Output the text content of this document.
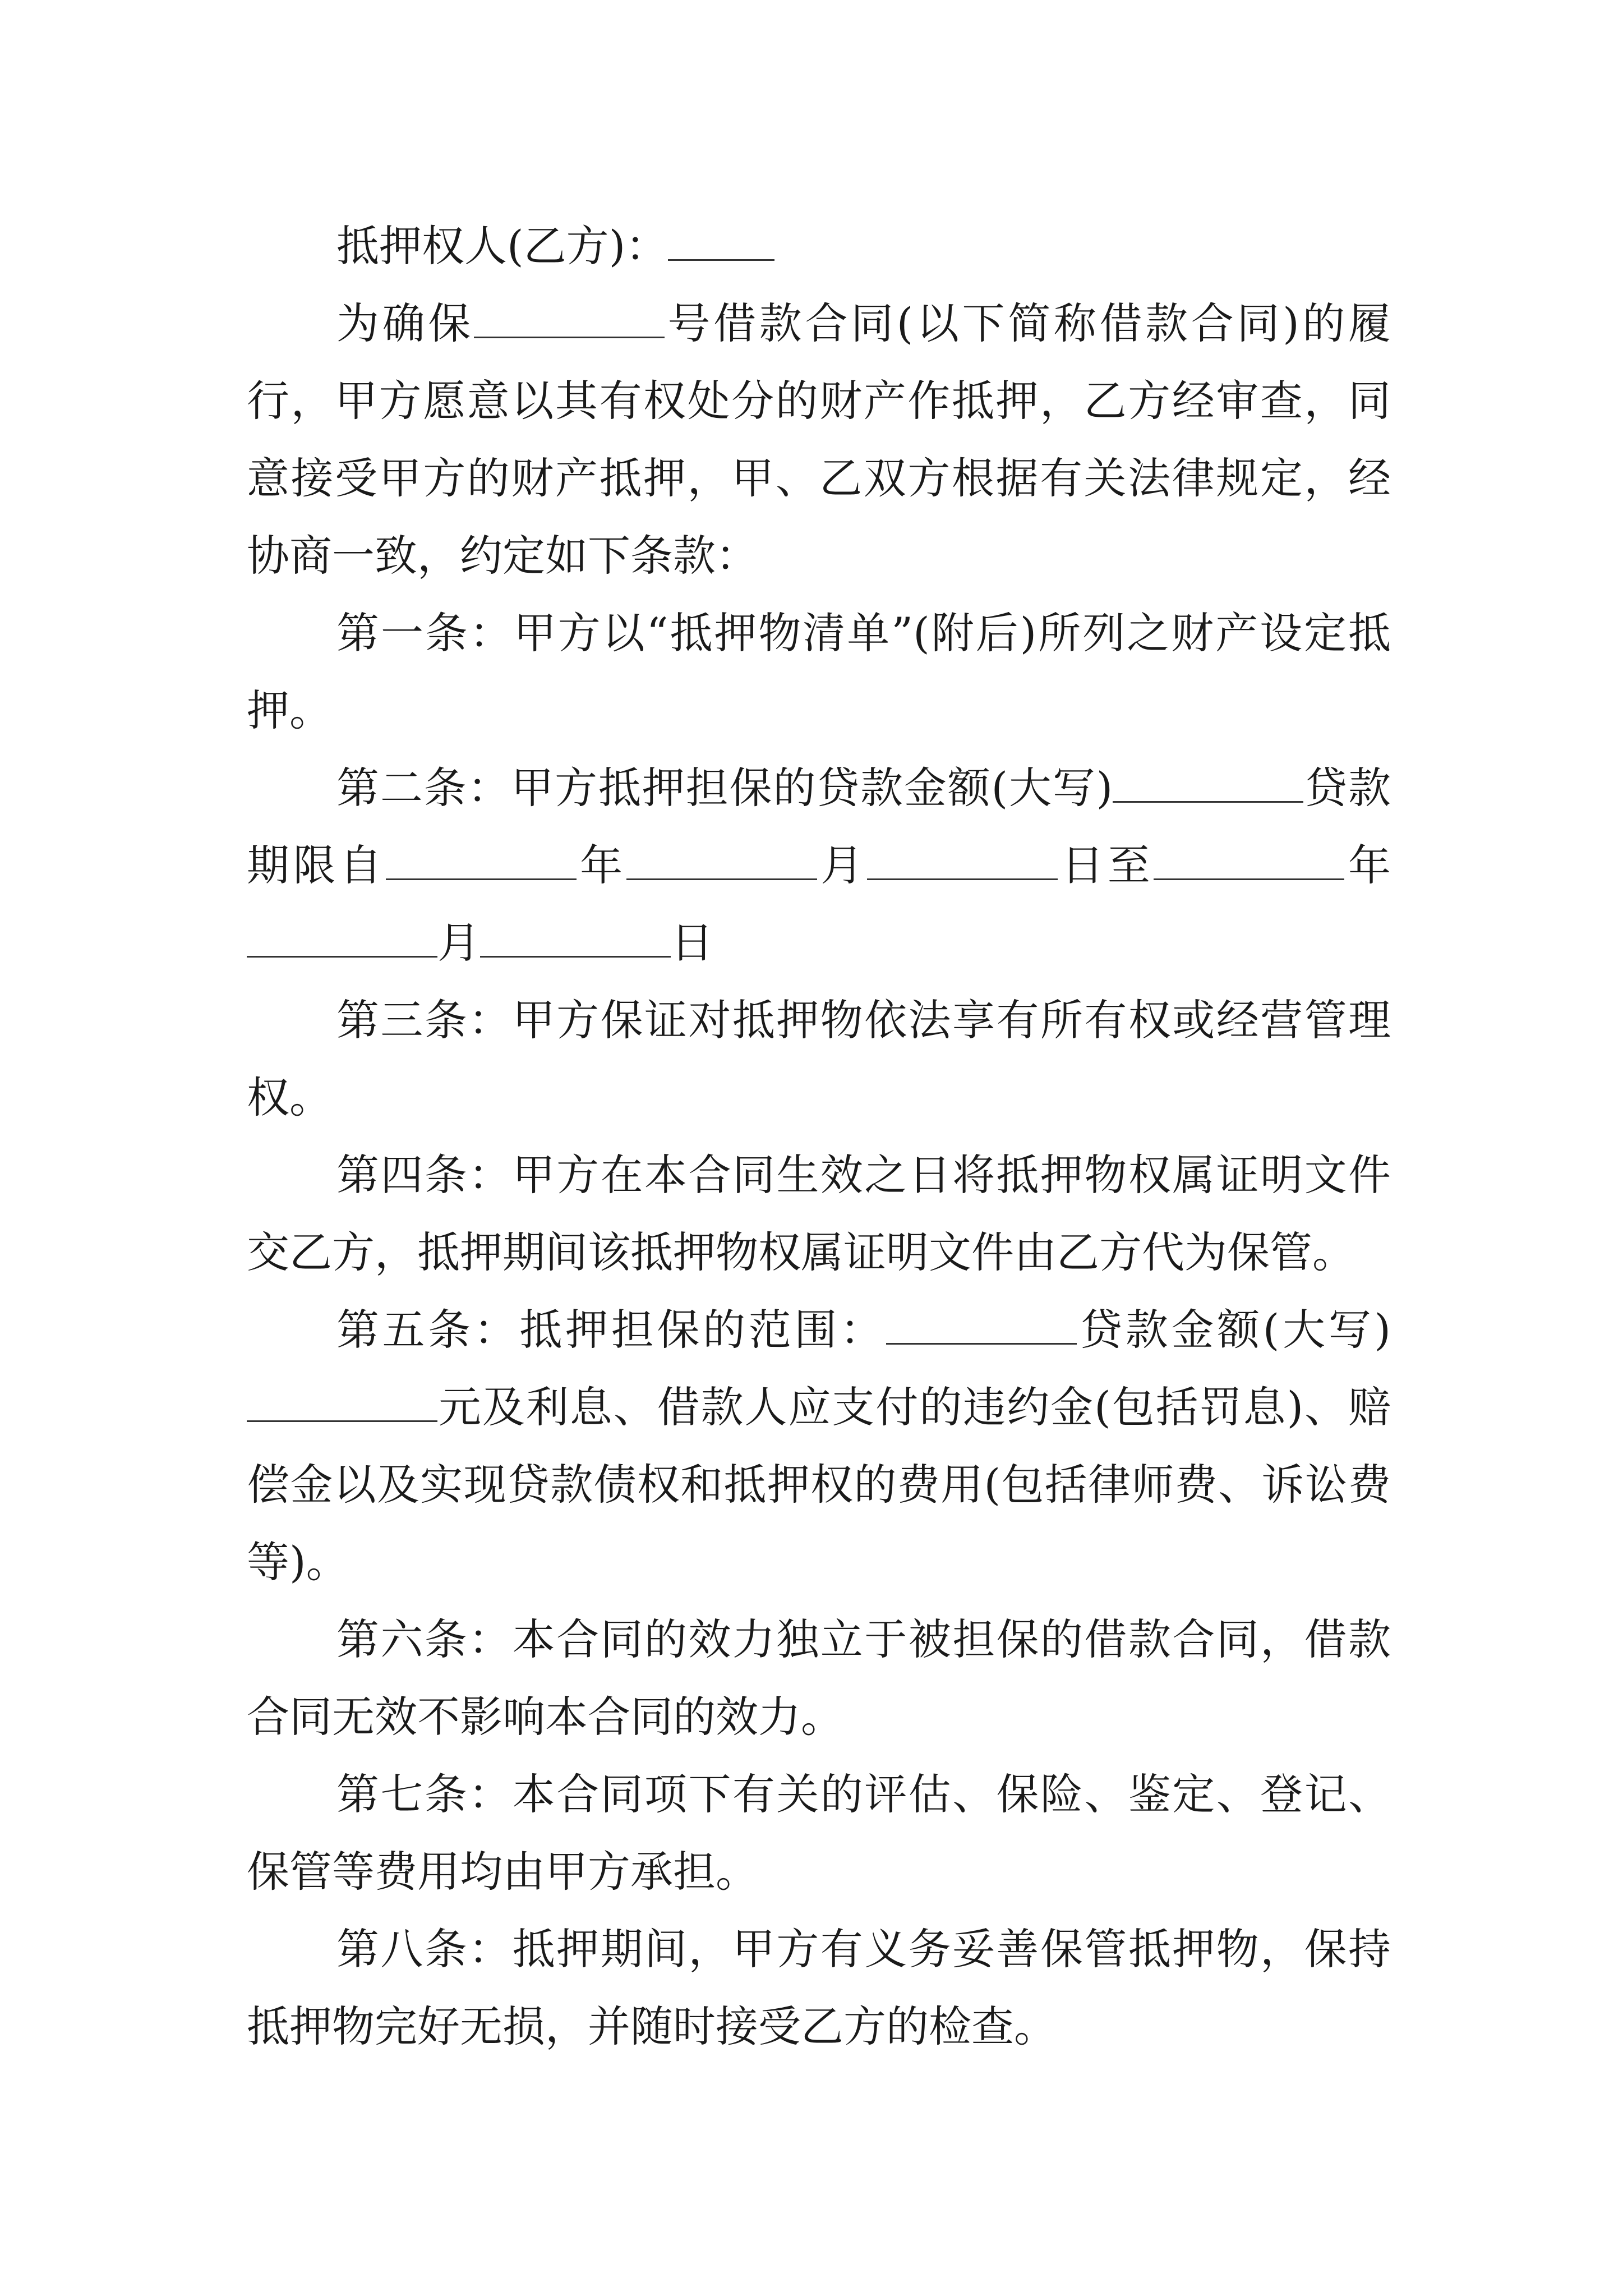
抵押权人(乙方)：

为确保	号借款合同(以下简称借款合同)的履行，甲方愿意以其有权处分的财产作抵押，乙方经审查，同意接受甲方的财产抵押，甲、乙双方根据有关法律规定，经协商一致，约定如下条款：

第一条：甲方以“抵押物清单”(附后)所列之财产设定抵押。

第二条：甲方抵押担保的贷款金额(大写)	贷款期限自	年	月	日至	年月	日

第三条：甲方保证对抵押物依法享有所有权或经营管理权。

第四条：甲方在本合同生效之日将抵押物权属证明文件交乙方，抵押期间该抵押物权属证明文件由乙方代为保管。

第五条：抵押担保的范围：	贷款金额(大写)元及利息、借款人应支付的违约金(包括罚息)、赔偿金以及实现贷款债权和抵押权的费用(包括律师费、诉讼费等)。

第六条：本合同的效力独立于被担保的借款合同，借款合同无效不影响本合同的效力。

第七条：本合同项下有关的评估、保险、鉴定、登记、保管等费用均由甲方承担。

第八条：抵押期间，甲方有义务妥善保管抵押物，保持抵押物完好无损，并随时接受乙方的检查。
